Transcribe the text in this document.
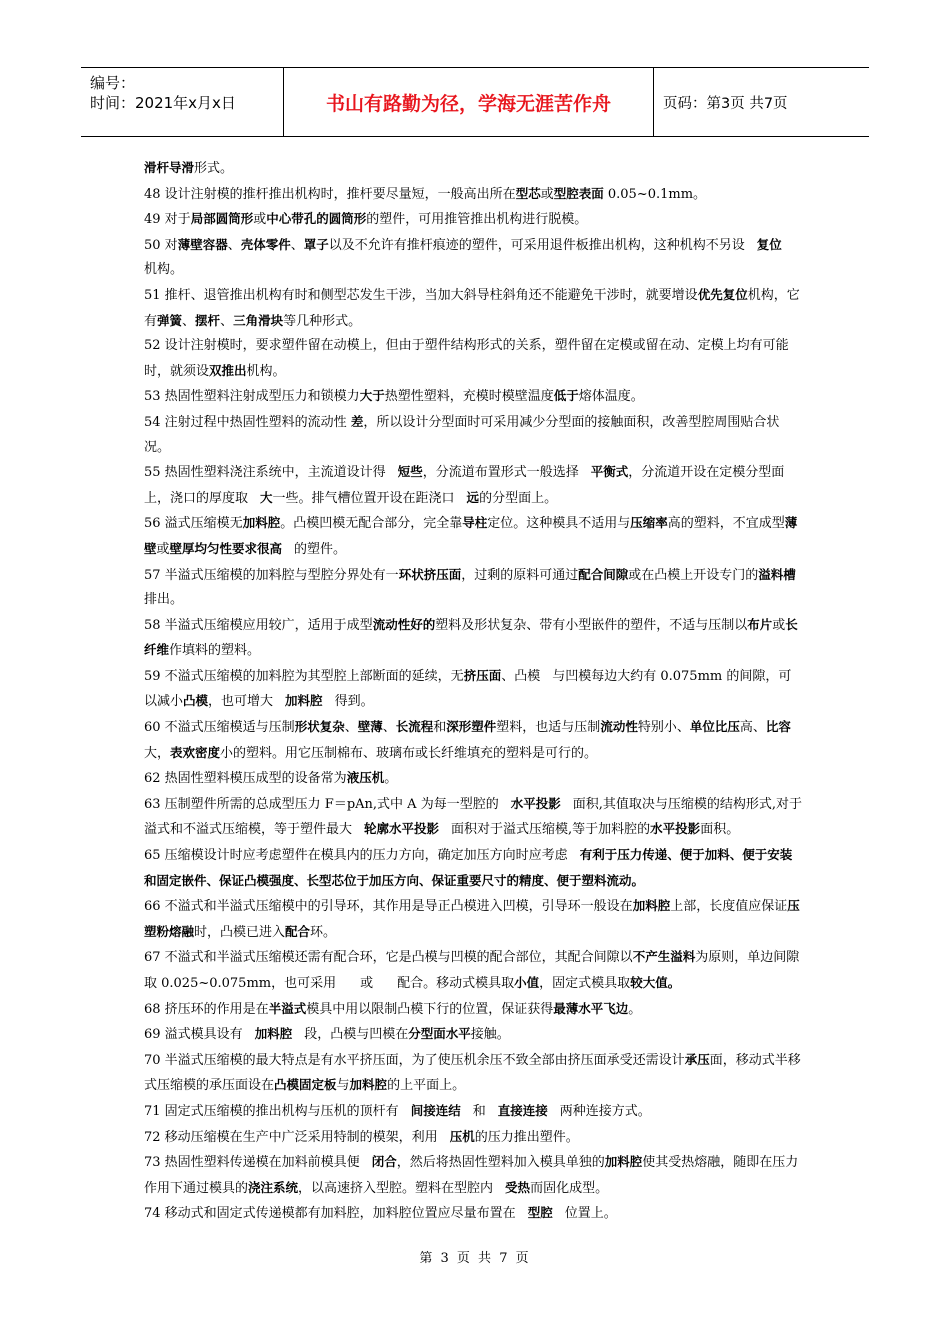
编号：
时间：2021年x月x日	书山有路勤为径，学海无涯苦作舟	页码：第3页 共7页

滑杆导滑形式。

48 设计注射模的推杆推出机构时，推杆要尽量短，一般高出所在型芯或型腔表面 0.05~0.1mm。

49 对于局部圆筒形或中心带孔的圆筒形的塑件，可用推管推出机构进行脱模。

50 对薄壁容器、壳体零件、罩子以及不允许有推杆痕迹的塑件，可采用退件板推出机构，这种机构不另设 复位机构。

51 推杆、退管推出机构有时和侧型芯发生干涉，当加大斜导柱斜角还不能避免干涉时，就要增设优先复位机构，它有弹簧、摆杆、三角滑块等几种形式。

52 设计注射模时，要求塑件留在动模上，但由于塑件结构形式的关系，塑件留在定模或留在动、定模上均有可能时，就须设双推出机构。

53 热固性塑料注射成型压力和锁模力大于热塑性塑料，充模时模壁温度低于熔体温度。

54 注射过程中热固性塑料的流动性 差，所以设计分型面时可采用减少分型面的接触面积，改善型腔周围贴合状况。

55 热固性塑料浇注系统中，主流道设计得 短些，分流道布置形式一般选择 平衡式，分流道开设在定模分型面上，浇口的厚度取 大一些。排气槽位置开设在距浇口 远的分型面上。

56 溢式压缩模无加料腔。凸模凹模无配合部分，完全靠导柱定位。这种模具不适用与压缩率高的塑料，不宜成型薄壁或壁厚均匀性要求很高 的塑件。

57 半溢式压缩模的加料腔与型腔分界处有一环状挤压面，过剩的原料可通过配合间隙或在凸模上开设专门的溢料槽排出。

58 半溢式压缩模应用较广，适用于成型流动性好的塑料及形状复杂、带有小型嵌件的塑件，不适与压制以布片或长纤维作填料的塑料。

59 不溢式压缩模的加料腔为其型腔上部断面的延续，无挤压面、凸模 与凹模每边大约有 0.075mm 的间隙，可以减小凸模，也可增大 加料腔 得到。

60 不溢式压缩模适与压制形状复杂、壁薄、长流程和深形塑件塑料，也适与压制流动性特别小、单位比压高、比容大，表欢密度小的塑料。用它压制棉布、玻璃布或长纤维填充的塑料是可行的。

62 热固性塑料模压成型的设备常为液压机。

63 压制塑件所需的总成型压力 F＝pAn,式中 A 为每一型腔的 水平投影 面积,其值取决与压缩模的结构形式,对于溢式和不溢式压缩模，等于塑件最大 轮廓水平投影 面积对于溢式压缩模,等于加料腔的水平投影面积。

65 压缩模设计时应考虑塑件在模具内的压力方向，确定加压方向时应考虑 有利于压力传递、便于加料、便于安装和固定嵌件、保证凸模强度、长型芯位于加压方向、保证重要尺寸的精度、便于塑料流动。

66 不溢式和半溢式压缩模中的引导环，其作用是导正凸模进入凹模，引导环一般设在加料腔上部，长度值应保证压塑粉熔融时，凸模已进入配合环。

67 不溢式和半溢式压缩模还需有配合环，它是凸模与凹模的配合部位，其配合间隙以不产生溢料为原则，单边间隙取 0.025~0.075mm，也可采用 或 配合。移动式模具取小值，固定式模具取较大值。

68 挤压环的作用是在半溢式模具中用以限制凸模下行的位置，保证获得最薄水平飞边。

69 溢式模具设有 加料腔 段，凸模与凹模在分型面水平接触。

70 半溢式压缩模的最大特点是有水平挤压面，为了使压机余压不致全部由挤压面承受还需设计承压面，移动式半移式压缩模的承压面设在凸模固定板与加料腔的上平面上。

71 固定式压缩模的推出机构与压机的顶杆有 间接连结 和 直接连接 两种连接方式。

72 移动压缩模在生产中广泛采用特制的模架，利用 压机的压力推出塑件。

73 热固性塑料传递模在加料前模具便 闭合，然后将热固性塑料加入模具单独的加料腔使其受热熔融，随即在压力作用下通过模具的浇注系统，以高速挤入型腔。塑料在型腔内 受热而固化成型。

74 移动式和固定式传递模都有加料腔，加料腔位置应尽量布置在 型腔 位置上。

第 3 页 共 7 页
